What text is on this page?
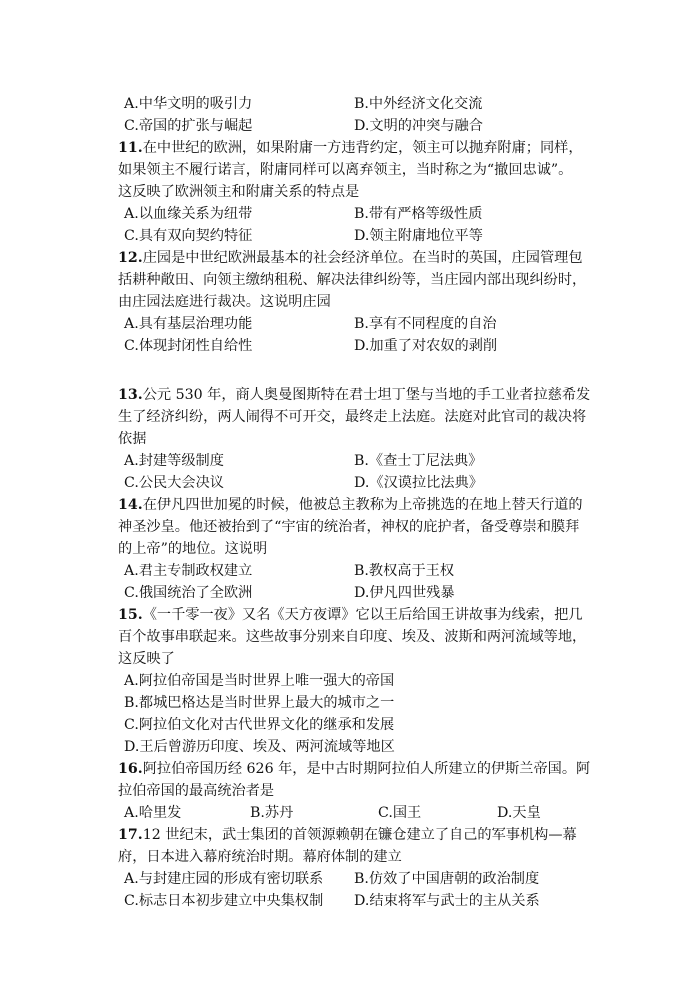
A.中华文明的吸引力	B.中外经济文化交流
C.帝国的扩张与崛起	D.文明的冲突与融合
11.在中世纪的欧洲，如果附庸一方违背约定，领主可以抛弃附庸；同样，
如果领主不履行诺言，附庸同样可以离弃领主，当时称之为“撤回忠诚”。
这反映了欧洲领主和附庸关系的特点是
A.以血缘关系为纽带	B.带有严格等级性质
C.具有双向契约特征	D.领主附庸地位平等
12.庄园是中世纪欧洲最基本的社会经济单位。在当时的英国，庄园管理包
括耕种敞田、向领主缴纳租税、解决法律纠纷等，当庄园内部出现纠纷时，
由庄园法庭进行裁决。这说明庄园
A.具有基层治理功能	B.享有不同程度的自治
C.体现封闭性自给性	D.加重了对农奴的剥削
13.公元 530 年，商人奥曼图斯特在君士坦丁堡与当地的手工业者拉慈希发
生了经济纠纷，两人闹得不可开交，最终走上法庭。法庭对此官司的裁决将
依据
A.封建等级制度	B.《查士丁尼法典》
C.公民大会决议	D.《汉谟拉比法典》
14.在伊凡四世加冕的时候，他被总主教称为上帝挑选的在地上替天行道的
神圣沙皇。他还被抬到了“宇宙的统治者，神权的庇护者，备受尊崇和膜拜
的上帝”的地位。这说明
A.君主专制政权建立	B.教权高于王权
C.俄国统治了全欧洲	D.伊凡四世残暴
15.《一千零一夜》又名《天方夜谭》它以王后给国王讲故事为线索，把几
百个故事串联起来。这些故事分别来自印度、埃及、波斯和两河流域等地，
这反映了
A.阿拉伯帝国是当时世界上唯一强大的帝国
B.都城巴格达是当时世界上最大的城市之一
C.阿拉伯文化对古代世界文化的继承和发展
D.王后曾游历印度、埃及、两河流域等地区
16.阿拉伯帝国历经 626 年，是中古时期阿拉伯人所建立的伊斯兰帝国。阿
拉伯帝国的最高统治者是
A.哈里发	B.苏丹	C.国王	D.天皇
17.12 世纪末，武士集团的首领源赖朝在镰仓建立了自己的军事机构—幕
府，日本进入幕府统治时期。幕府体制的建立
A.与封建庄园的形成有密切联系 B.仿效了中国唐朝的政治制度
C.标志日本初步建立中央集权制 D.结束将军与武士的主从关系
